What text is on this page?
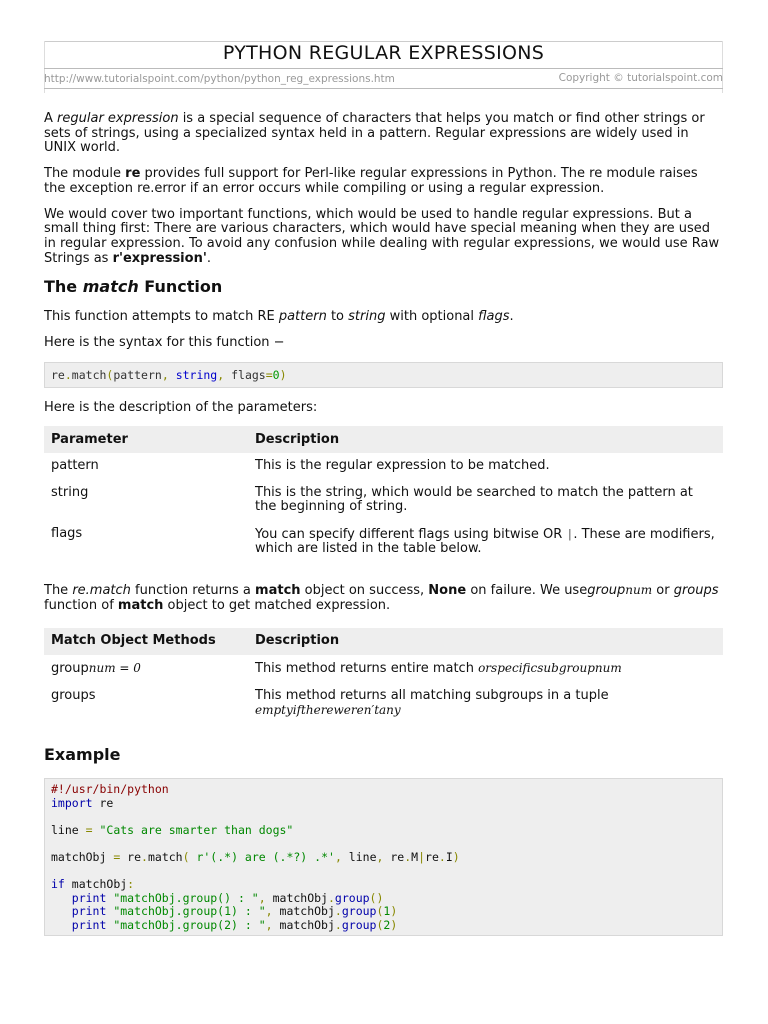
PYTHON REGULAR EXPRESSIONS
http://www.tutorialspoint.com/python/python_reg_expressions.htm	Copyright © tutorialspoint.com

A regular expression is a special sequence of characters that helps you match or find other strings or sets of strings, using a specialized syntax held in a pattern. Regular expressions are widely used in UNIX world.

The module re provides full support for Perl-like regular expressions in Python. The re module raises the exception re.error if an error occurs while compiling or using a regular expression.

We would cover two important functions, which would be used to handle regular expressions. But a small thing first: There are various characters, which would have special meaning when they are used in regular expression. To avoid any confusion while dealing with regular expressions, we would use Raw Strings as r'expression'.

The match Function

This function attempts to match RE pattern to string with optional flags.

Here is the syntax for this function −

re.match(pattern, string, flags=0)

Here is the description of the parameters:

Parameter	Description
pattern	This is the regular expression to be matched.
string	This is the string, which would be searched to match the pattern at the beginning of string.
flags	You can specify different flags using bitwise OR |. These are modifiers, which are listed in the table below.

The re.match function returns a match object on success, None on failure. We usegroupnum or groups function of match object to get matched expression.

Match Object Methods	Description
groupnum = 0	This method returns entire match orspecificsubgroupnum
groups	This method returns all matching subgroups in a tuple
emptyifthereweren′tany
Example
#!/usr/bin/python
import re
line = "Cats are smarter than dogs"
matchObj = re.match( r'(.*) are (.*?) .*', line, re.M|re.I)
if matchObj:
print "matchObj.group() : ", matchObj.group()
print "matchObj.group(1) : ", matchObj.group(1)
print "matchObj.group(2) : ", matchObj.group(2)
